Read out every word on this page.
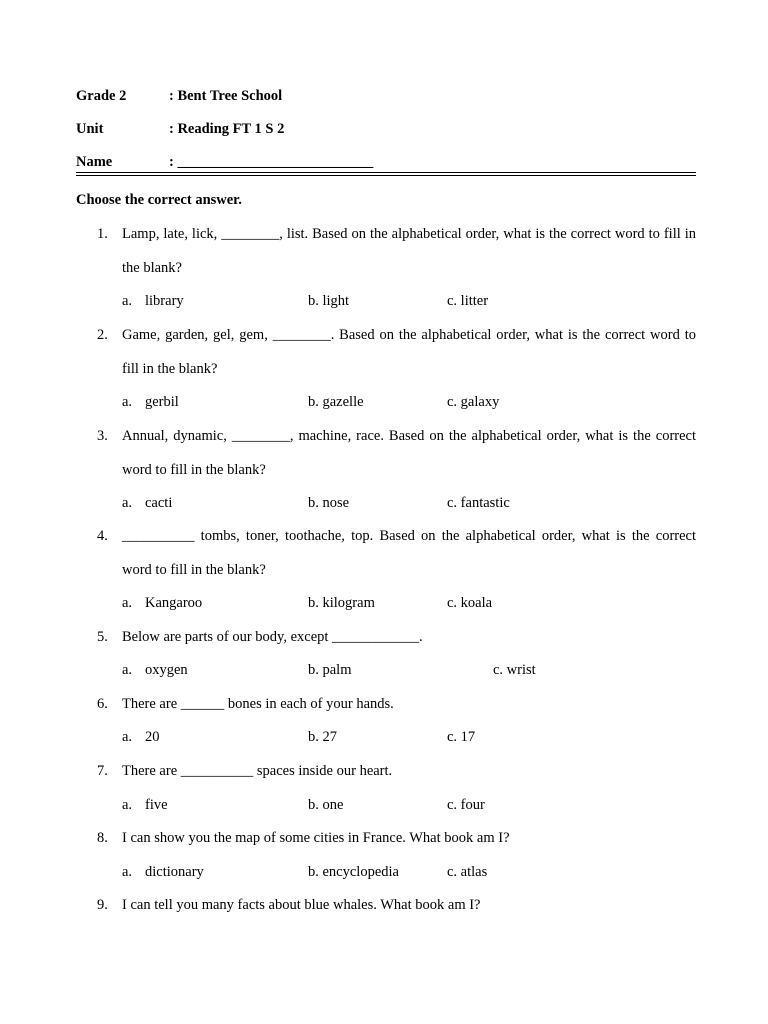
Grade 2	: Bent Tree School
Unit	: Reading FT 1 S 2
Name	: ___________________________
Choose the correct answer.
1. Lamp, late, lick, ________, list. Based on the alphabetical order, what is the correct word to fill in the blank?
a. library	b. light	c. litter
2. Game, garden, gel, gem, ________. Based on the alphabetical order, what is the correct word to fill in the blank?
a. gerbil	b. gazelle	c. galaxy
3. Annual, dynamic, ________, machine, race. Based on the alphabetical order, what is the correct word to fill in the blank?
a. cacti	b. nose	c. fantastic
4. __________ tombs, toner, toothache, top. Based on the alphabetical order, what is the correct word to fill in the blank?
a. Kangaroo	b. kilogram	c. koala
5. Below are parts of our body, except ____________.
a. oxygen	b. palm	c. wrist
6. There are ______ bones in each of your hands.
a. 20	b. 27	c. 17
7. There are __________ spaces inside our heart.
a. five	b. one	c. four
8. I can show you the map of some cities in France. What book am I?
a. dictionary	b. encyclopedia	c. atlas
9. I can tell you many facts about blue whales. What book am I?
